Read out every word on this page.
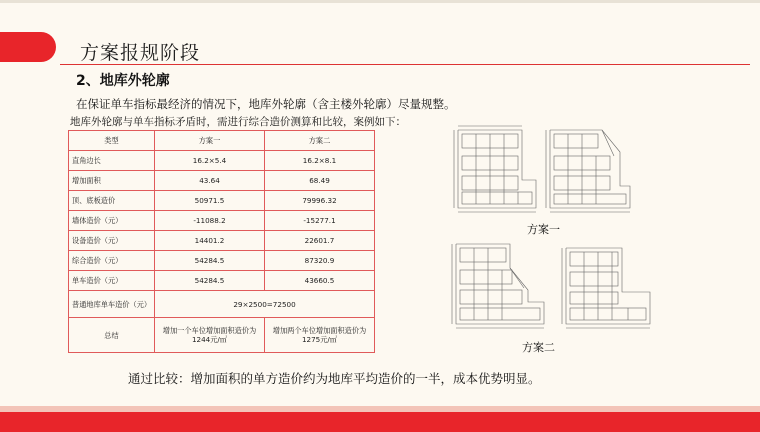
方案报规阶段
2、地库外轮廓
在保证单车指标最经济的情况下，地库外轮廓（含主楼外轮廓）尽量规整。
地库外轮廓与单车指标矛盾时，需进行综合造价测算和比较，案例如下：
类型	方案一	方案二
直角边长	16.2×5.4	16.2×8.1
增加面积	43.64	68.49
顶、底板造价	50971.5	79996.32
墙体造价（元）	-11088.2	-15277.1
设备造价（元）	14401.2	22601.7
综合造价（元）	54284.5	87320.9
单车造价（元）	54284.5	43660.5
普通地库单车造价（元）	29×2500=72500	
总结	增加一个车位增加面积造价为1244元/㎡	增加两个车位增加面积造价为1275元/㎡
方案一
方案二
通过比较：增加面积的单方造价约为地库平均造价的一半，成本优势明显。
